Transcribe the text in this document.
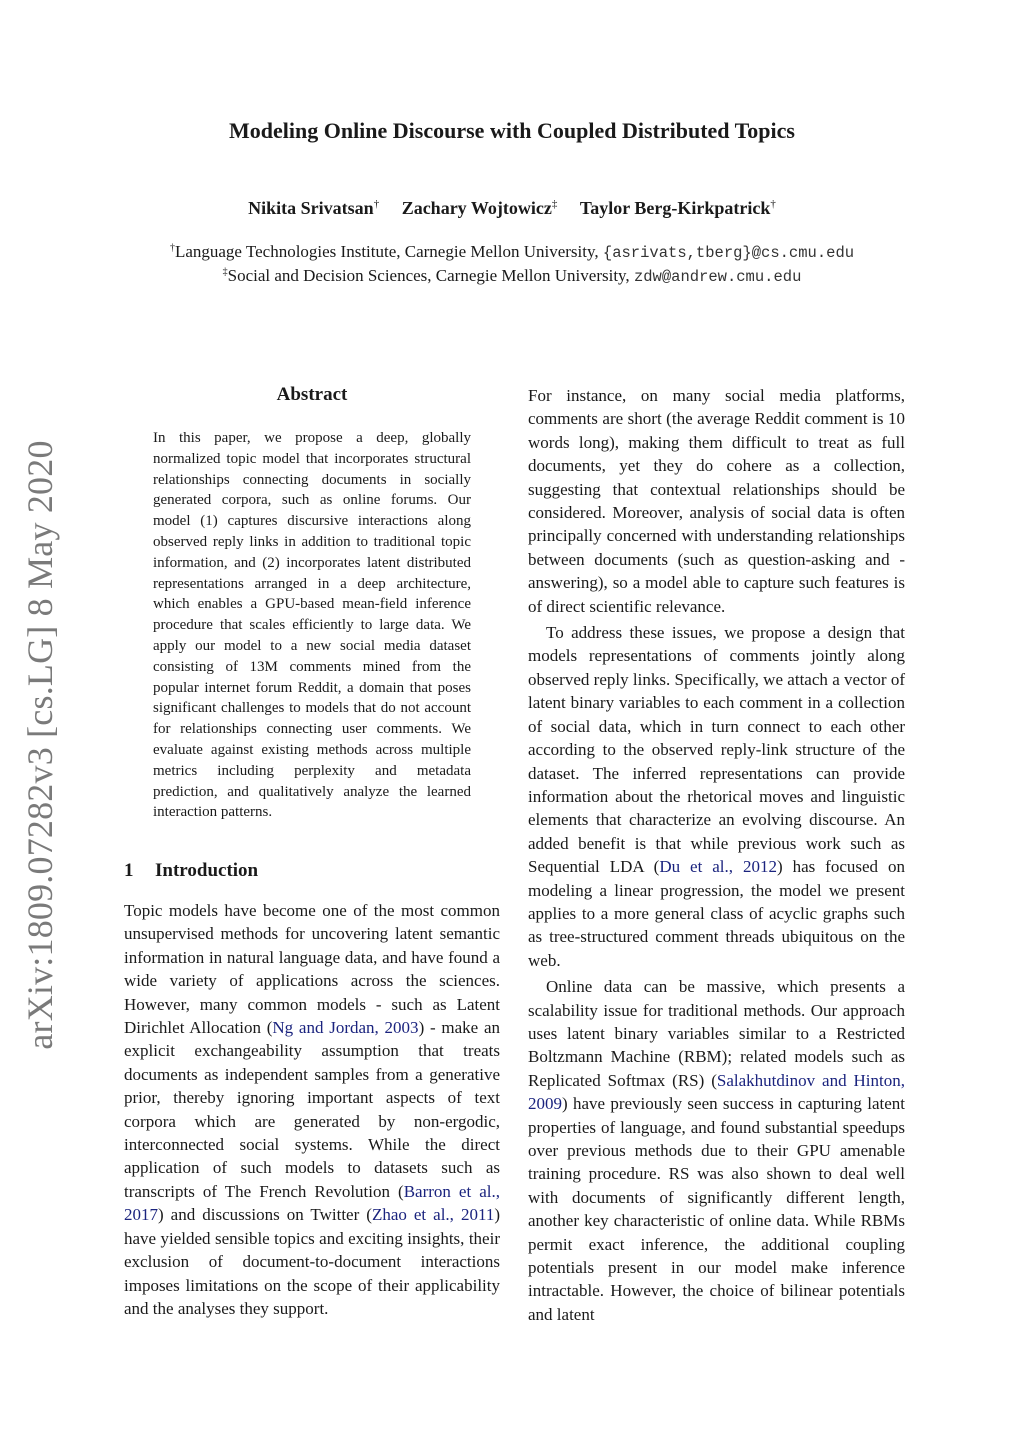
Modeling Online Discourse with Coupled Distributed Topics
Nikita Srivatsan† Zachary Wojtowicz‡ Taylor Berg-Kirkpatrick†
†Language Technologies Institute, Carnegie Mellon University, {asrivats,tberg}@cs.cmu.edu
‡Social and Decision Sciences, Carnegie Mellon University, zdw@andrew.cmu.edu
arXiv:1809.07282v3 [cs.LG] 8 May 2020
Abstract

In this paper, we propose a deep, globally normalized topic model that incorporates structural relationships connecting documents in socially generated corpora, such as online forums. Our model (1) captures discursive interactions along observed reply links in addition to traditional topic information, and (2) incorporates latent distributed representations arranged in a deep architecture, which enables a GPU-based mean-field inference procedure that scales efficiently to large data. We apply our model to a new social media dataset consisting of 13M comments mined from the popular internet forum Reddit, a domain that poses significant challenges to models that do not account for relationships connecting user comments. We evaluate against existing methods across multiple metrics including perplexity and metadata prediction, and qualitatively analyze the learned interaction patterns.

1 Introduction

Topic models have become one of the most common unsupervised methods for uncovering latent semantic information in natural language data, and have found a wide variety of applications across the sciences. However, many common models - such as Latent Dirichlet Allocation (Ng and Jordan, 2003) - make an explicit exchangeability assumption that treats documents as independent samples from a generative prior, thereby ignoring important aspects of text corpora which are generated by non-ergodic, interconnected social systems. While the direct application of such models to datasets such as transcripts of The French Revolution (Barron et al., 2017) and discussions on Twitter (Zhao et al., 2011) have yielded sensible topics and exciting insights, their exclusion of document-to-document interactions imposes limitations on the scope of their applicability and the analyses they support.

For instance, on many social media platforms, comments are short (the average Reddit comment is 10 words long), making them difficult to treat as full documents, yet they do cohere as a collection, suggesting that contextual relationships should be considered. Moreover, analysis of social data is often principally concerned with understanding relationships between documents (such as question-asking and -answering), so a model able to capture such features is of direct scientific relevance.

To address these issues, we propose a design that models representations of comments jointly along observed reply links. Specifically, we attach a vector of latent binary variables to each comment in a collection of social data, which in turn connect to each other according to the observed reply-link structure of the dataset. The inferred representations can provide information about the rhetorical moves and linguistic elements that characterize an evolving discourse. An added benefit is that while previous work such as Sequential LDA (Du et al., 2012) has focused on modeling a linear progression, the model we present applies to a more general class of acyclic graphs such as tree-structured comment threads ubiquitous on the web.

Online data can be massive, which presents a scalability issue for traditional methods. Our approach uses latent binary variables similar to a Restricted Boltzmann Machine (RBM); related models such as Replicated Softmax (RS) (Salakhutdinov and Hinton, 2009) have previously seen success in capturing latent properties of language, and found substantial speedups over previous methods due to their GPU amenable training procedure. RS was also shown to deal well with documents of significantly different length, another key characteristic of online data. While RBMs permit exact inference, the additional coupling potentials present in our model make inference intractable. However, the choice of bilinear potentials and latent
